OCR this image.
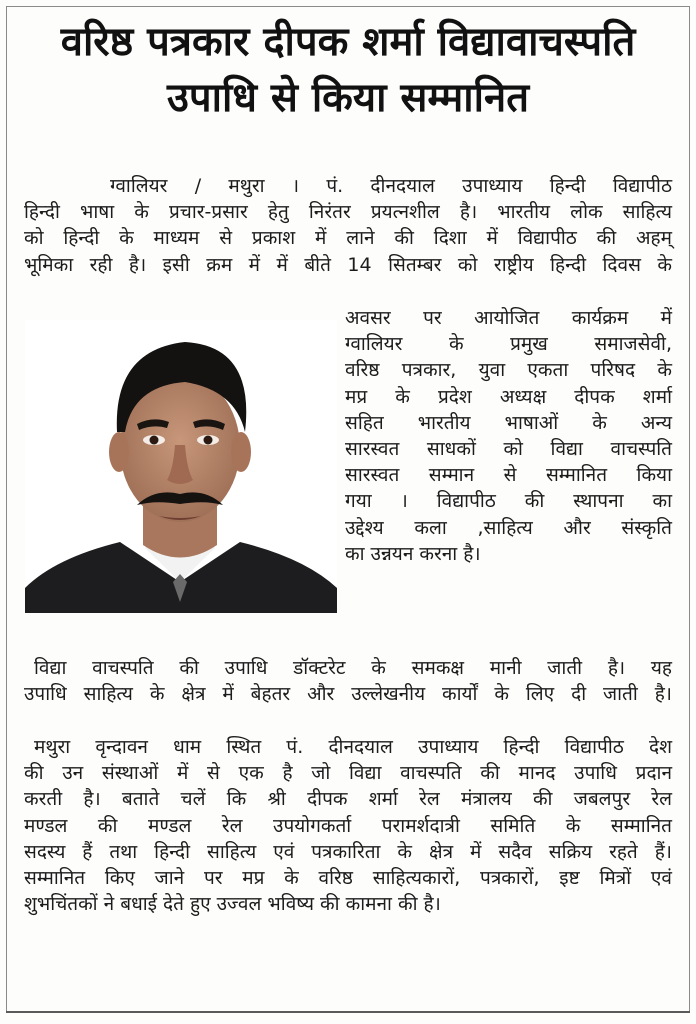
वरिष्ठ पत्रकार दीपक शर्मा विद्यावाचस्पति
उपाधि से किया सम्मानित
ग्वालियर / मथुरा । पं. दीनदयाल उपाध्याय हिन्दी विद्यापीठ
हिन्दी भाषा के प्रचार-प्रसार हेतु निरंतर प्रयत्नशील है। भारतीय लोक साहित्य
को हिन्दी के माध्यम से प्रकाश में लाने की दिशा में विद्यापीठ की अहम्
भूमिका रही है। इसी क्रम में में बीते 14 सितम्बर को राष्ट्रीय हिन्दी दिवस के
अवसर पर आयोजित कार्यक्रम में
ग्वालियर के प्रमुख समाजसेवी,
वरिष्ठ पत्रकार, युवा एकता परिषद के
मप्र के प्रदेश अध्यक्ष दीपक शर्मा
सहित भारतीय भाषाओं के अन्य
सारस्वत साधकों को विद्या वाचस्पति
सारस्वत सम्मान से सम्मानित किया
गया । विद्यापीठ की स्थापना का
उद्देश्य कला ,साहित्य और संस्कृति
का उन्नयन करना है।
विद्या वाचस्पति की उपाधि डॉक्टरेट के समकक्ष मानी जाती है। यह
उपाधि साहित्य के क्षेत्र में बेहतर और उल्लेखनीय कार्यों के लिए दी जाती है।
मथुरा वृन्दावन धाम स्थित पं. दीनदयाल उपाध्याय हिन्दी विद्यापीठ देश
की उन संस्थाओं में से एक है जो विद्या वाचस्पति की मानद उपाधि प्रदान
करती है। बताते चलें कि श्री दीपक शर्मा रेल मंत्रालय की जबलपुर रेल
मण्डल की मण्डल रेल उपयोगकर्ता परामर्शदात्री समिति के सम्मानित
सदस्य हैं तथा हिन्दी साहित्य एवं पत्रकारिता के क्षेत्र में सदैव सक्रिय रहते हैं।
सम्मानित किए जाने पर मप्र के वरिष्ठ साहित्यकारों, पत्रकारों, इष्ट मित्रों एवं
शुभचिंतकों ने बधाई देते हुए उज्वल भविष्य की कामना की है।
